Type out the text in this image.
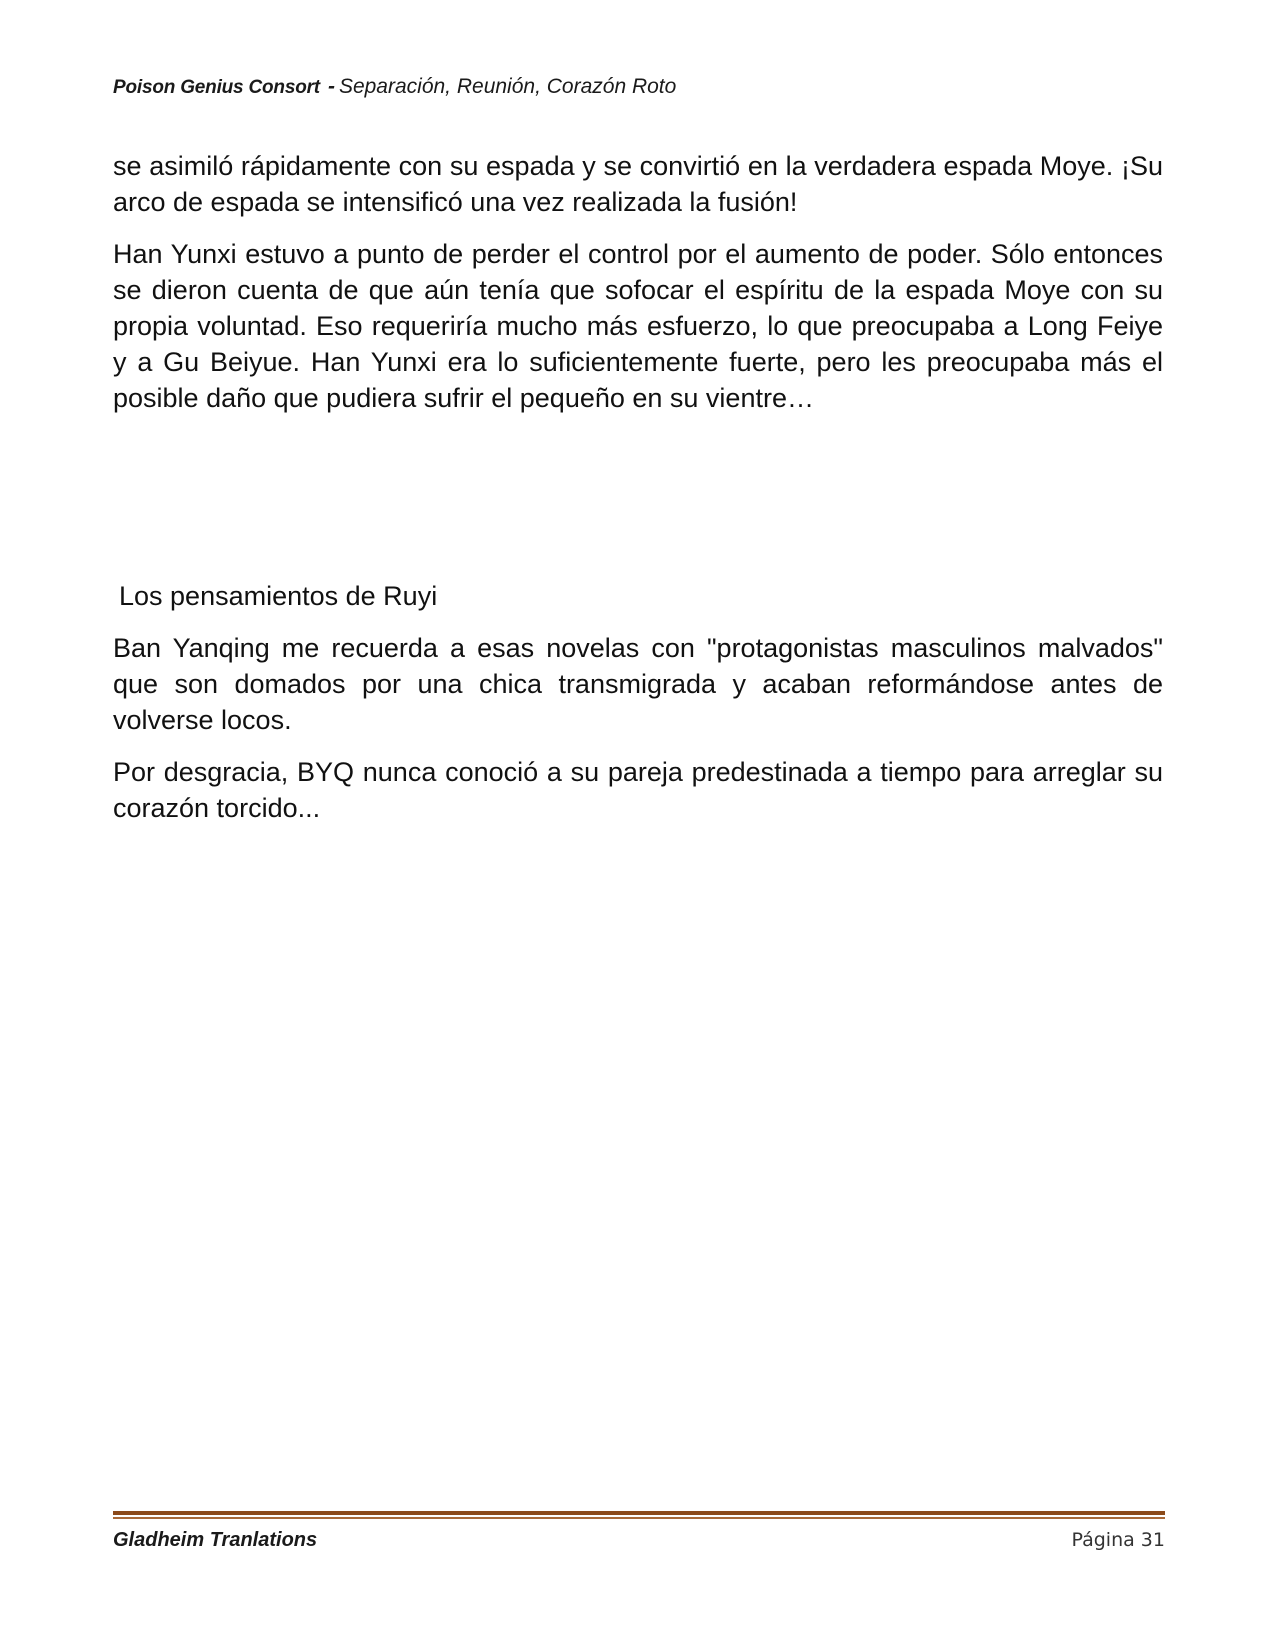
Poison Genius Consort - Separación, Reunión, Corazón Roto

se asimiló rápidamente con su espada y se convirtió en la verdadera espada Moye. ¡Su arco de espada se intensificó una vez realizada la fusión!

Han Yunxi estuvo a punto de perder el control por el aumento de poder. Sólo entonces se dieron cuenta de que aún tenía que sofocar el espíritu de la espada Moye con su propia voluntad. Eso requeriría mucho más esfuerzo, lo que preocupaba a Long Feiye y a Gu Beiyue. Han Yunxi era lo suficientemente fuerte, pero les preocupaba más el posible daño que pudiera sufrir el pequeño en su vientre…

Los pensamientos de Ruyi

Ban Yanqing me recuerda a esas novelas con "protagonistas masculinos malvados" que son domados por una chica transmigrada y acaban reformándose antes de volverse locos.

Por desgracia, BYQ nunca conoció a su pareja predestinada a tiempo para arreglar su corazón torcido...

Gladheim Tranlations	Página 31
